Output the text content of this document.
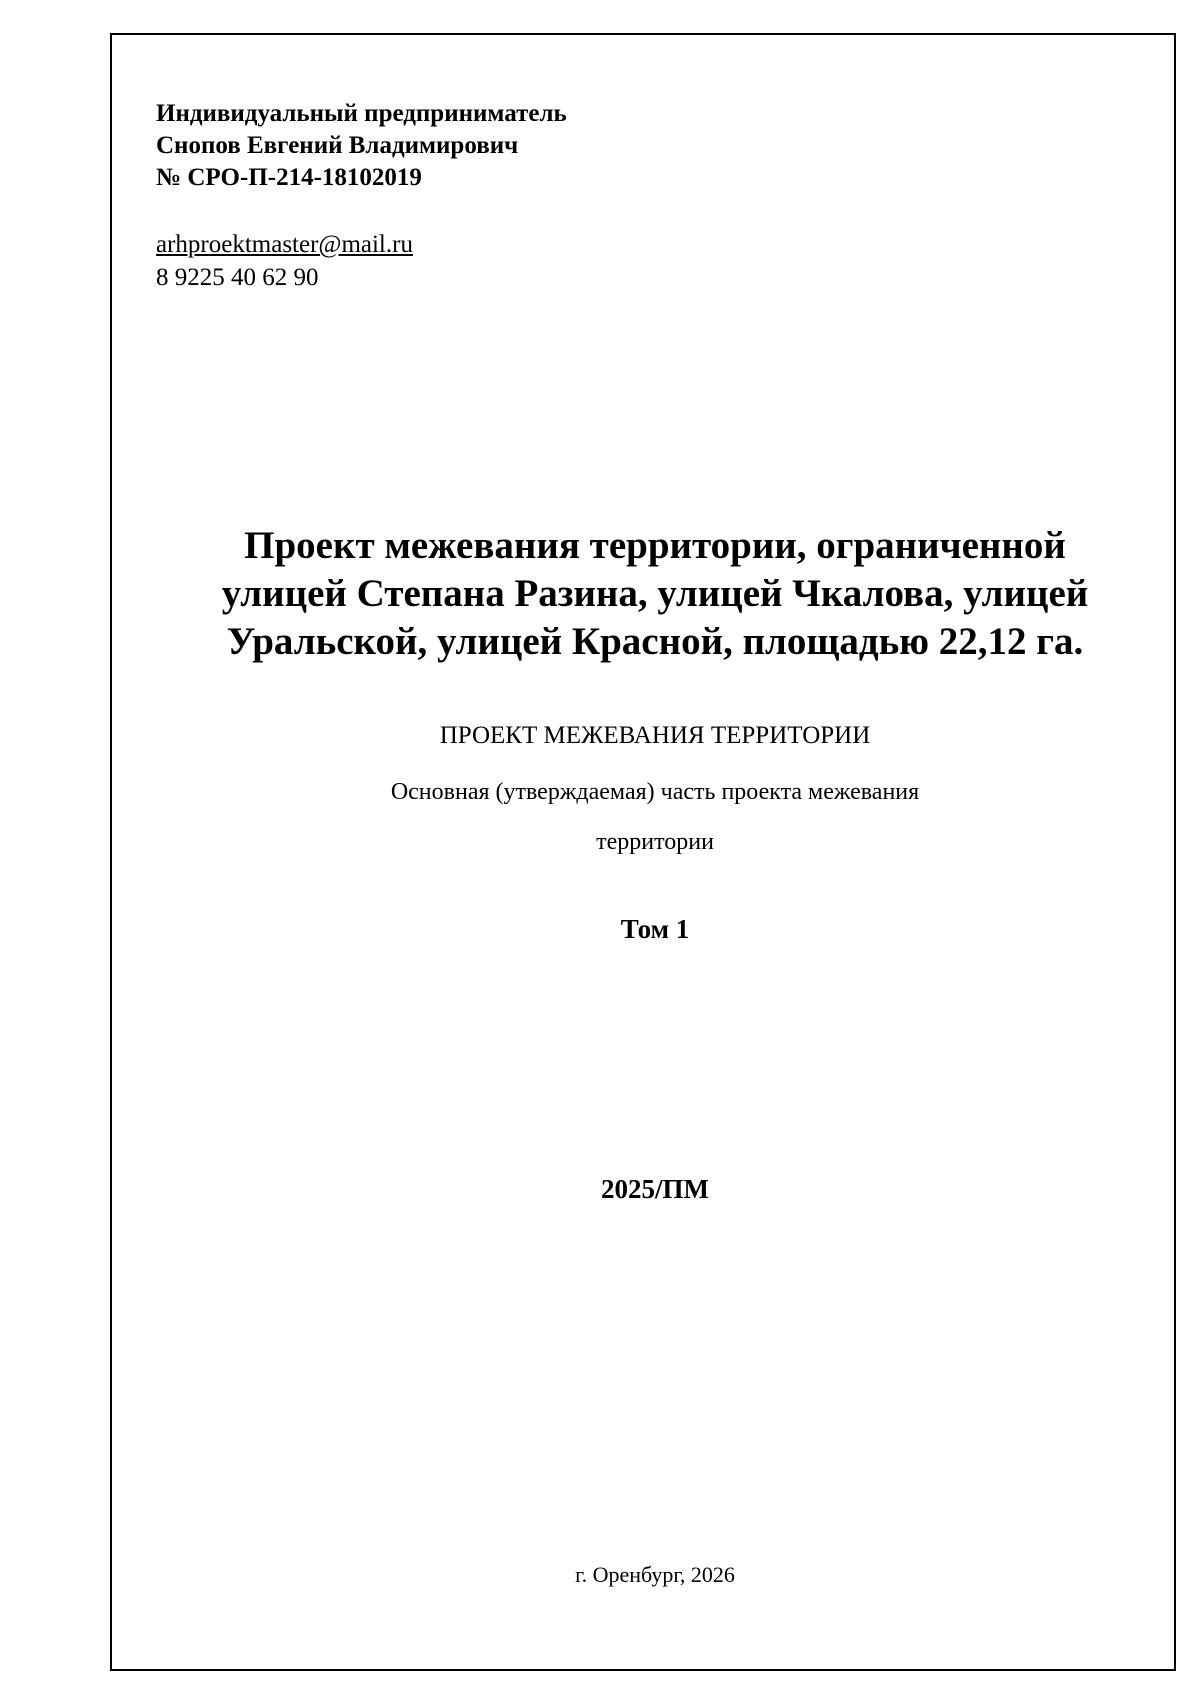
Индивидуальный предприниматель
Снопов Евгений Владимирович
№ СРО-П-214-18102019
arhproektmaster@mail.ru
8 9225 40 62 90
Проект межевания территории, ограниченной
улицей Степана Разина, улицей Чкалова, улицей
Уральской, улицей Красной, площадью 22,12 га.
ПРОЕКТ МЕЖЕВАНИЯ ТЕРРИТОРИИ
Основная (утверждаемая) часть проекта межевания
территории
Том 1
2025/ПМ
г. Оренбург, 2026
